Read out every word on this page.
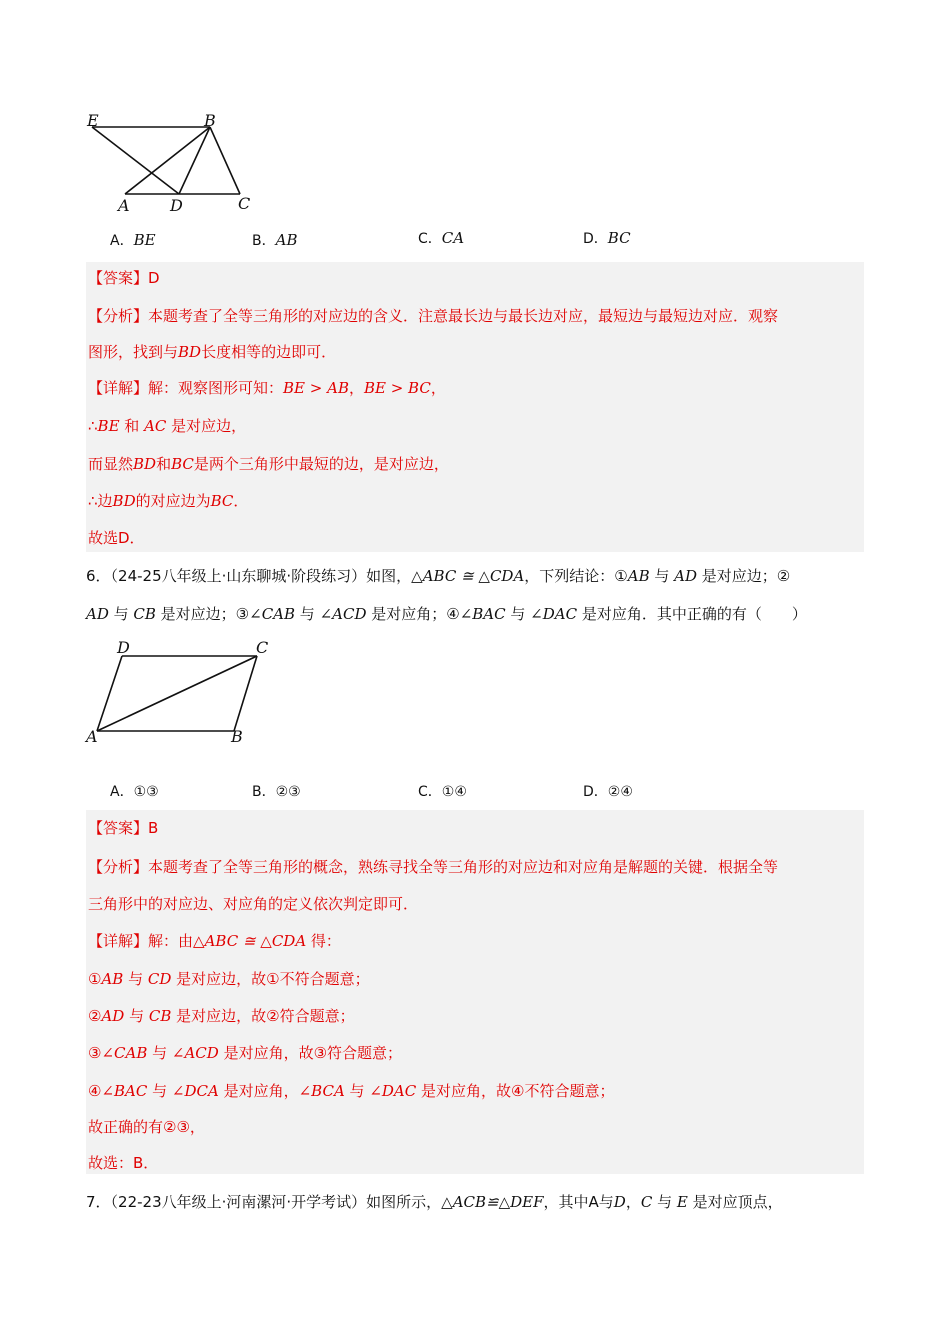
E	B
A	D	C
A．BE	B．AB	C．CA	D．BC
【答案】D
【分析】本题考查了全等三角形的对应边的含义．注意最长边与最长边对应，最短边与最短边对应．观察
图形，找到与BD长度相等的边即可．
【详解】解：观察图形可知：BE > AB，BE > BC，
∴BE 和 AC 是对应边，
而显然BD和BC是两个三角形中最短的边，是对应边，
∴边BD的对应边为BC．
故选D．
6．（24-25八年级上·山东聊城·阶段练习）如图，△ABC ≅ △CDA，下列结论：①AB 与 AD 是对应边；②
AD 与 CB 是对应边；③∠CAB 与 ∠ACD 是对应角；④∠BAC 与 ∠DAC 是对应角．其中正确的有（　　）
D	C
A	B
A．①③	B．②③	C．①④	D．②④
【答案】B
【分析】本题考查了全等三角形的概念，熟练寻找全等三角形的对应边和对应角是解题的关键．根据全等
三角形中的对应边、对应角的定义依次判定即可．
【详解】解：由△ABC ≅ △CDA 得：
①AB 与 CD 是对应边，故①不符合题意；
②AD 与 CB 是对应边，故②符合题意；
③∠CAB 与 ∠ACD 是对应角，故③符合题意；
④∠BAC 与 ∠DCA 是对应角，∠BCA 与 ∠DAC 是对应角，故④不符合题意；
故正确的有②③，
故选：B．
7．（22-23八年级上·河南漯河·开学考试）如图所示，△ACB≌△DEF，其中A与D，C 与 E 是对应顶点，
